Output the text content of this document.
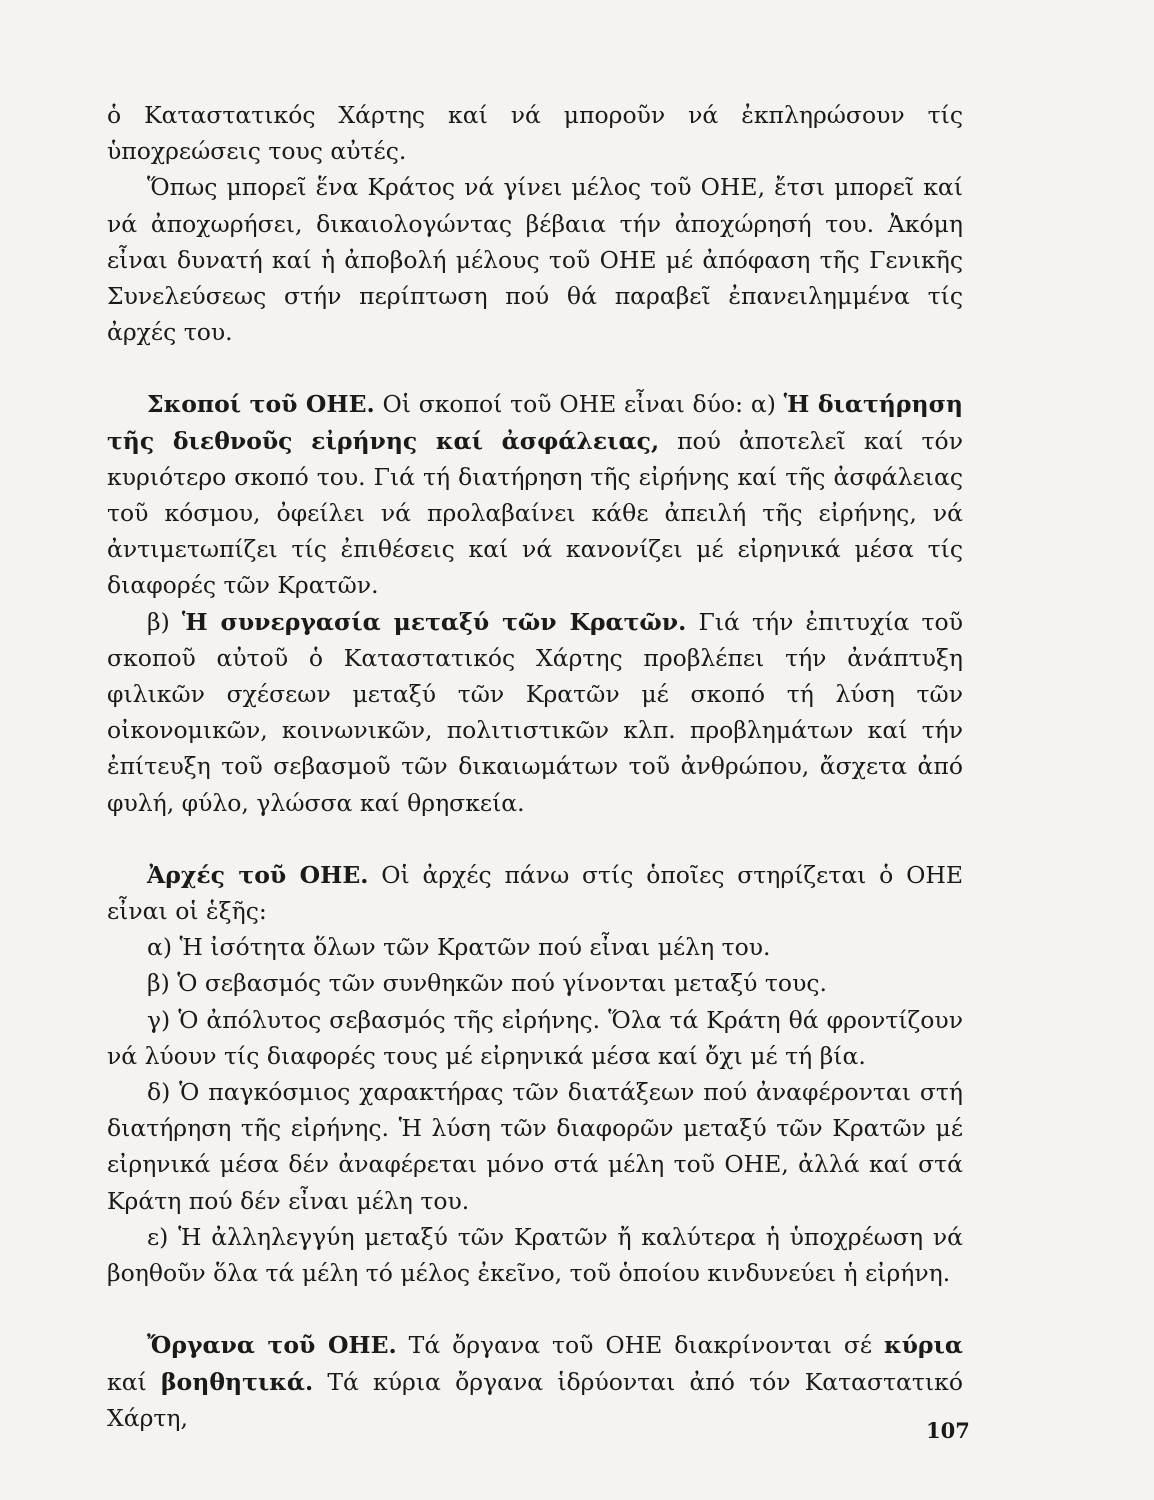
ὁ Καταστατικός Χάρτης καί νά μποροῦν νά ἐκπληρώσουν τίς ὑποχρεώσεις τους αὐτές.

Ὅπως μπορεῖ ἕνα Κράτος νά γίνει μέλος τοῦ ΟΗΕ, ἔτσι μπορεῖ καί νά ἀποχωρήσει, δικαιολογώντας βέβαια τήν ἀποχώρησή του. Ἀκόμη εἶναι δυνατή καί ἡ ἀποβολή μέλους τοῦ ΟΗΕ μέ ἀπόφαση τῆς Γενικῆς Συνελεύσεως στήν περίπτωση πού θά παραβεῖ ἐπανειλημμένα τίς ἀρχές του.

Σκοποί τοῦ ΟΗΕ. Οἱ σκοποί τοῦ ΟΗΕ εἶναι δύο: α) Ἡ διατήρηση τῆς διεθνοῦς εἰρήνης καί ἀσφάλειας, πού ἀποτελεῖ καί τόν κυριότερο σκοπό του. Γιά τή διατήρηση τῆς εἰρήνης καί τῆς ἀσφάλειας τοῦ κόσμου, ὀφείλει νά προλαβαίνει κάθε ἀπειλή τῆς εἰρήνης, νά ἀντιμετωπίζει τίς ἐπιθέσεις καί νά κανονίζει μέ εἰρηνικά μέσα τίς διαφορές τῶν Κρατῶν.

β) Ἡ συνεργασία μεταξύ τῶν Κρατῶν. Γιά τήν ἐπιτυχία τοῦ σκοποῦ αὐτοῦ ὁ Καταστατικός Χάρτης προβλέπει τήν ἀνάπτυξη φιλικῶν σχέσεων μεταξύ τῶν Κρατῶν μέ σκοπό τή λύση τῶν οἰκονομικῶν, κοινωνικῶν, πολιτιστικῶν κλπ. προβλημάτων καί τήν ἐπίτευξη τοῦ σεβασμοῦ τῶν δικαιωμάτων τοῦ ἀνθρώπου, ἄσχετα ἀπό φυλή, φύλο, γλώσσα καί θρησκεία.

Ἀρχές τοῦ ΟΗΕ. Οἱ ἀρχές πάνω στίς ὁποῖες στηρίζεται ὁ ΟΗΕ εἶναι οἱ ἑξῆς:

α) Ἡ ἰσότητα ὅλων τῶν Κρατῶν πού εἶναι μέλη του.

β) Ὁ σεβασμός τῶν συνθηκῶν πού γίνονται μεταξύ τους.

γ) Ὁ ἀπόλυτος σεβασμός τῆς εἰρήνης. Ὅλα τά Κράτη θά φροντίζουν νά λύουν τίς διαφορές τους μέ εἰρηνικά μέσα καί ὄχι μέ τή βία.

δ) Ὁ παγκόσμιος χαρακτήρας τῶν διατάξεων πού ἀναφέρονται στή διατήρηση τῆς εἰρήνης. Ἡ λύση τῶν διαφορῶν μεταξύ τῶν Κρατῶν μέ εἰρηνικά μέσα δέν ἀναφέρεται μόνο στά μέλη τοῦ ΟΗΕ, ἀλλά καί στά Κράτη πού δέν εἶναι μέλη του.

ε) Ἡ ἀλληλεγγύη μεταξύ τῶν Κρατῶν ἤ καλύτερα ἡ ὑποχρέωση νά βοηθοῦν ὅλα τά μέλη τό μέλος ἐκεῖνο, τοῦ ὁποίου κινδυνεύει ἡ εἰρήνη.

Ὄργανα τοῦ ΟΗΕ. Τά ὄργανα τοῦ ΟΗΕ διακρίνονται σέ κύρια καί βοηθητικά. Τά κύρια ὄργανα ἱδρύονται ἀπό τόν Καταστατικό Χάρτη,	107
